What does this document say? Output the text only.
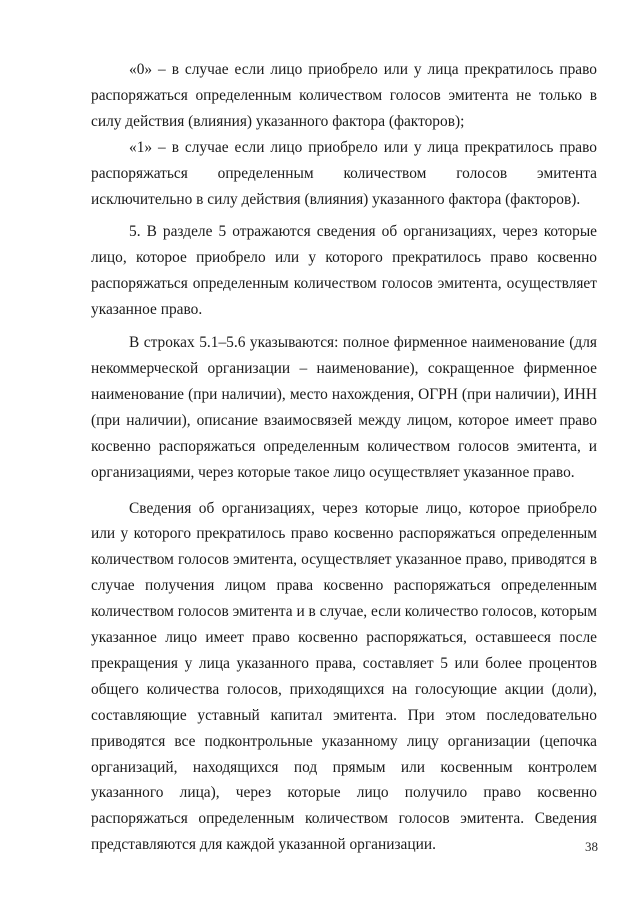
«0» – в случае если лицо приобрело или у лица прекратилось право распоряжаться определенным количеством голосов эмитента не только в силу действия (влияния) указанного фактора (факторов);

«1» – в случае если лицо приобрело или у лица прекратилось право распоряжаться определенным количеством голосов эмитента исключительно в силу действия (влияния) указанного фактора (факторов).

5. В разделе 5 отражаются сведения об организациях, через которые лицо, которое приобрело или у которого прекратилось право косвенно распоряжаться определенным количеством голосов эмитента, осуществляет указанное право.

В строках 5.1–5.6 указываются: полное фирменное наименование (для некоммерческой организации – наименование), сокращенное фирменное наименование (при наличии), место нахождения, ОГРН (при наличии), ИНН (при наличии), описание взаимосвязей между лицом, которое имеет право косвенно распоряжаться определенным количеством голосов эмитента, и организациями, через которые такое лицо осуществляет указанное право.

Сведения об организациях, через которые лицо, которое приобрело или у которого прекратилось право косвенно распоряжаться определенным количеством голосов эмитента, осуществляет указанное право, приводятся в случае получения лицом права косвенно распоряжаться определенным количеством голосов эмитента и в случае, если количество голосов, которым указанное лицо имеет право косвенно распоряжаться, оставшееся после прекращения у лица указанного права, составляет 5 или более процентов общего количества голосов, приходящихся на голосующие акции (доли), составляющие уставный капитал эмитента. При этом последовательно приводятся все подконтрольные указанному лицу организации (цепочка организаций, находящихся под прямым или косвенным контролем указанного лица), через которые лицо получило право косвенно распоряжаться определенным количеством голосов эмитента. Сведения представляются для каждой указанной организации.	38
